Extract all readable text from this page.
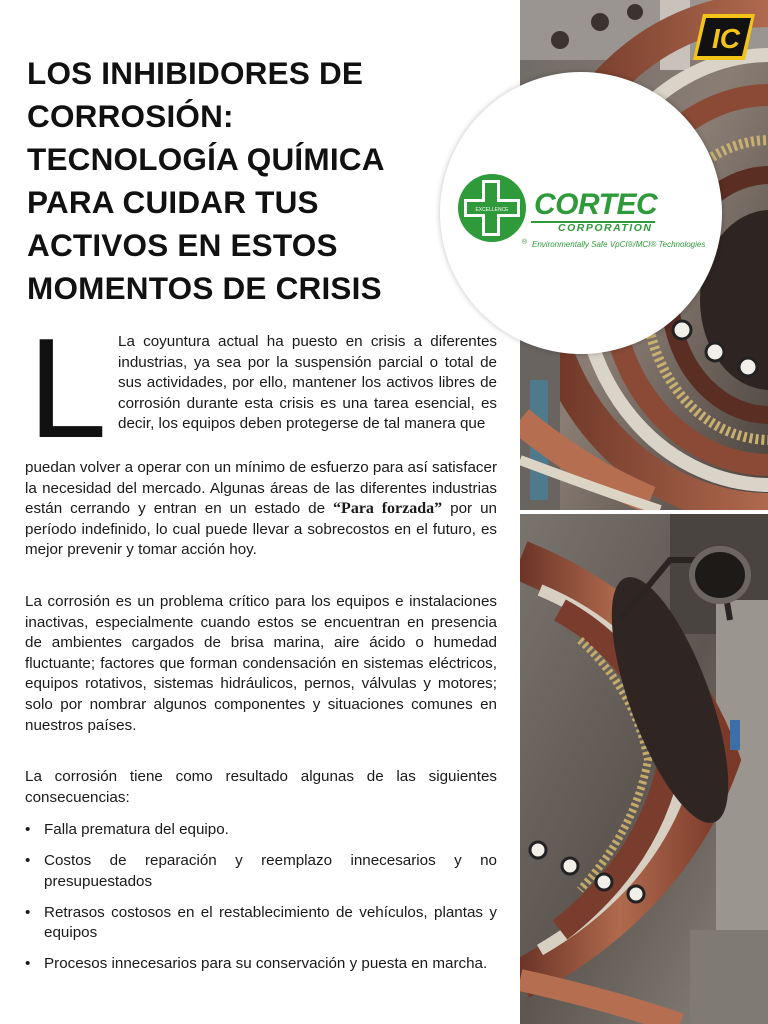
LOS INHIBIDORES DE
CORROSIÓN:
TECNOLOGÍA QUÍMICA
PARA CUIDAR TUS
ACTIVOS EN ESTOS
MOMENTOS DE CRISIS
L La coyuntura actual ha puesto en crisis a diferentes industrias, ya sea por la suspensión parcial o total de sus actividades, por ello, mantener los activos libres de corrosión durante esta crisis es una tarea esencial, es decir, los equipos deben protegerse de tal manera que

puedan volver a operar con un mínimo de esfuerzo para así satisfacer la necesidad del mercado. Algunas áreas de las diferentes industrias están cerrando y entran en un estado de “Para forzada” por un período indefinido, lo cual puede llevar a sobrecostos en el futuro, es mejor prevenir y tomar acción hoy.

La corrosión es un problema crítico para los equipos e instalaciones inactivas, especialmente cuando estos se encuentran en presencia de ambientes cargados de brisa marina, aire ácido o humedad fluctuante; factores que forman condensación en sistemas eléctricos, equipos rotativos, sistemas hidráulicos, pernos, válvulas y motores; solo por nombrar algunos componentes y situaciones comunes en nuestros países.

La corrosión tiene como resultado algunas de las siguientes consecuencias:

• Falla prematura del equipo.
• Costos de reparación y reemplazo innecesarios y no presupuestados
• Retrasos costosos en el restablecimiento de vehículos, plantas y equipos
• Procesos innecesarios para su conservación y puesta en marcha.
IC
EXCELLENCE
®
CORTEC
CORPORATION
Environmentally Safe VpCI®/MCI® Technologies
